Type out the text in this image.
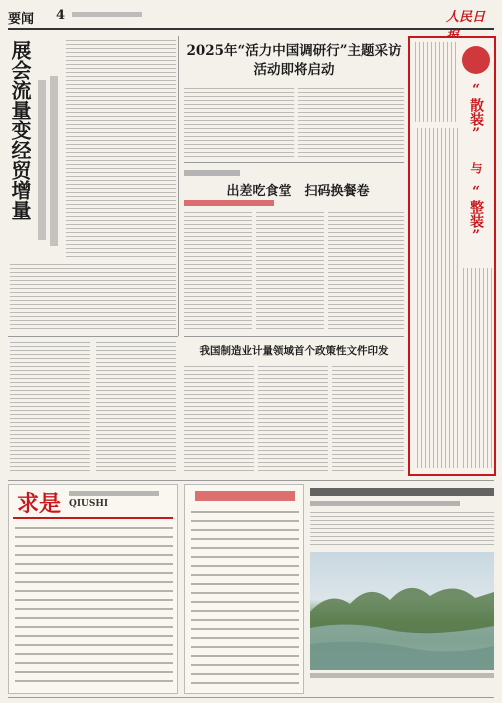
要闻 4	人民日
展会流量变经贸增量	2025年“活力中国调研行”主题采访活动即将启动
出差吃食堂　扫码换餐卷
“散装”
与
“整装”
我国制造业计量领域首个政策性文件印发
求是 QIUSHI
